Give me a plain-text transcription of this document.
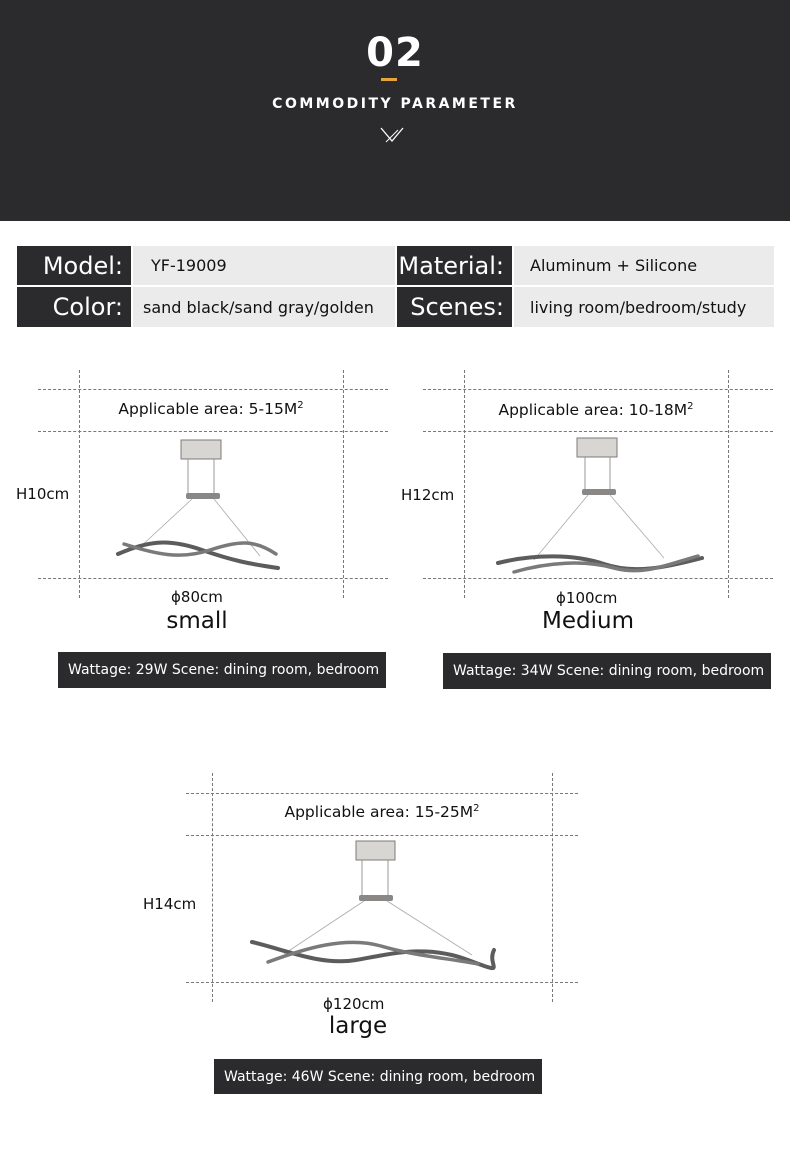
02
COMMODITY PARAMETER
Model:	YF-19009	Material:	Aluminum + Silicone
Color:	sand black/sand gray/golden	Scenes:	living room/bedroom/study
Applicable area: $5-15M^2$
H10cm
ϕ80cm
small
Wattage: 29W Scene: dining room, bedroom
Applicable area: $10-18M^2$
H12cm
ϕ100cm
Medium
Wattage: 34W Scene: dining room, bedroom
Applicable area: $15-25M^2$
H14cm
ϕ120cm
large
Wattage: 46W Scene: dining room, bedroom
